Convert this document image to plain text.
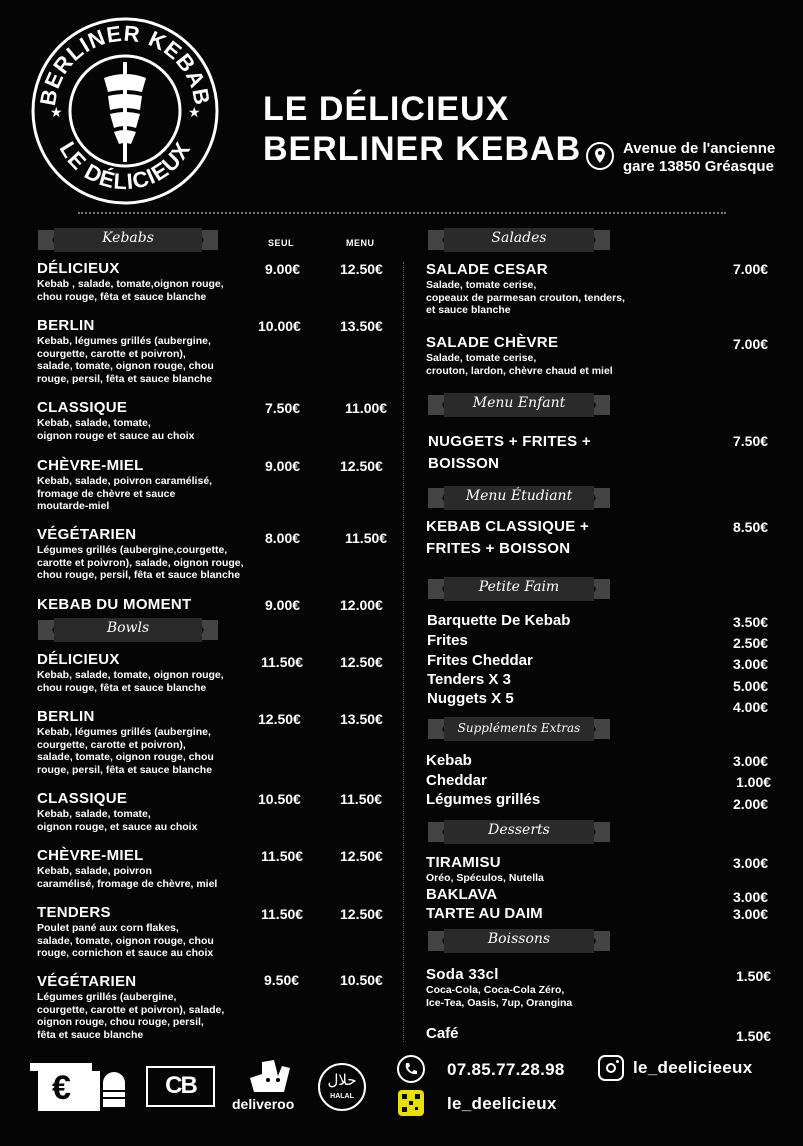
BERLINER KEBAB
LE DÉLICIEUX
★	★ LE DÉLICIEUX
BERLINER KEBAB	Avenue de l'ancienne gare 13850 Gréasque
Kebabs	SEUL	MENU
Bowls
DÉLICIEUX
Kebab , salade, tomate,oignon rouge,
chou rouge, fêta et sauce blanche
9.00€	12.50€
BERLIN
Kebab, légumes grillés (aubergine,
courgette, carotte et poivron),
salade, tomate, oignon rouge, chou
rouge, persil, fêta et sauce blanche
10.00€	13.50€
CLASSIQUE
Kebab, salade, tomate,
oignon rouge et sauce au choix
7.50€	11.00€
CHÈVRE-MIEL
Kebab, salade, poivron caramélisé,
fromage de chèvre et sauce
moutarde-miel
9.00€	12.50€
VÉGÉTARIEN
Légumes grillés (aubergine,courgette,
carotte et poivron), salade, oignon rouge,
chou rouge, persil, fêta et sauce blanche
8.00€	11.50€
KEBAB DU MOMENT	9.00€	12.00€
DÉLICIEUX
Kebab, salade, tomate, oignon rouge,
chou rouge, fêta et sauce blanche
11.50€	12.50€
BERLIN
Kebab, légumes grillés (aubergine,
courgette, carotte et poivron),
salade, tomate, oignon rouge, chou
rouge, persil, fêta et sauce blanche
12.50€	13.50€
CLASSIQUE
Kebab, salade, tomate,
oignon rouge, et sauce au choix
10.50€	11.50€
CHÈVRE-MIEL
Kebab, salade, poivron
caramélisé, fromage de chèvre, miel
11.50€	12.50€
TENDERS
Poulet pané aux corn flakes,
salade, tomate, oignon rouge, chou
rouge, cornichon et sauce au choix
11.50€	12.50€
VÉGÉTARIEN
Légumes grillés (aubergine,
courgette, carotte et poivron), salade,
oignon rouge, chou rouge, persil,
fêta et sauce blanche
9.50€	10.50€
Salades
Menu Enfant
Menu Étudiant
Petite Faim
Suppléments Extras
Desserts
Boissons
SALADE CESAR
Salade, tomate cerise,
copeaux de parmesan crouton, tenders,
et sauce blanche
7.00€
SALADE CHÈVRE
Salade, tomate cerise,
crouton, lardon, chèvre chaud et miel
7.00€
NUGGETS + FRITES +
BOISSON
7.50€
KEBAB CLASSIQUE +
FRITES + BOISSON
8.50€
Barquette De Kebab	3.50€
Frites	2.50€
Frites Cheddar	3.00€
Tenders X 3	5.00€
Nuggets X 5	4.00€
Kebab	3.00€
Cheddar	1.00€
Légumes grillés	2.00€
TIRAMISU
Oréo, Spéculos, Nutella
3.00€
BAKLAVA	3.00€
TARTE AU DAIM	3.00€
Soda 33cl
Coca-Cola, Coca-Cola Zéro,
Ice-Tea, Oasis, 7up, Orangina
1.50€
Café	1.50€
€	CB
deliveroo
حلال
HALAL
07.85.77.28.98	le_deelicieeux
le_deelicieux
